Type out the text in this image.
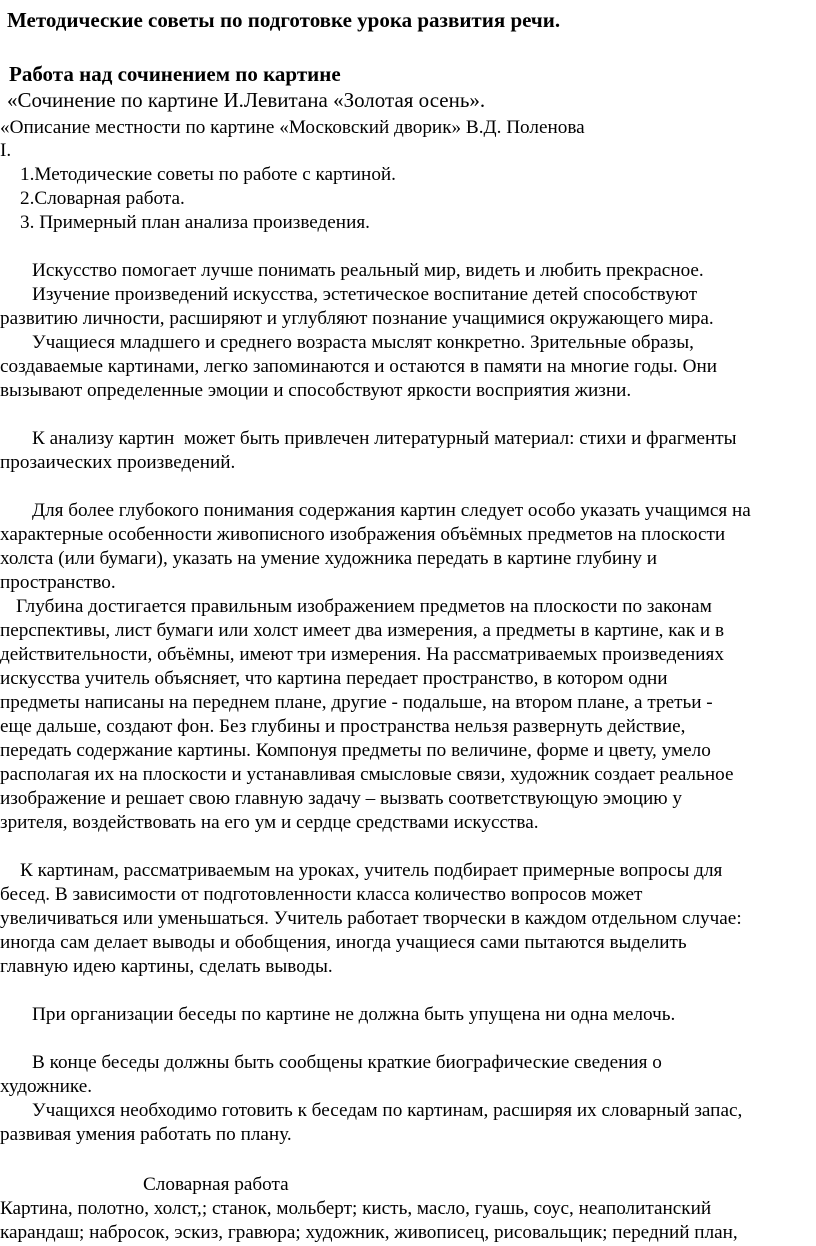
Методические советы по подготовке урока развития речи.
Работа над сочинением по картине
«Сочинение по картине И.Левитана «Золотая осень».
«Описание местности по картине «Московский дворик» В.Д. Поленова
I.
1.Методические советы по работе с картиной.
2.Словарная работа.
3. Примерный план анализа произведения.
Искусство помогает лучше понимать реальный мир, видеть и любить прекрасное.
Изучение произведений искусства, эстетическое воспитание детей способствуют
развитию личности, расширяют и углубляют познание учащимися окружающего мира.
Учащиеся младшего и среднего возраста мыслят конкретно. Зрительные образы,
создаваемые картинами, легко запоминаются и остаются в памяти на многие годы. Они
вызывают определенные эмоции и способствуют яркости восприятия жизни.
К анализу картин  может быть привлечен литературный материал: стихи и фрагменты
прозаических произведений.
Для более глубокого понимания содержания картин следует особо указать учащимся на
характерные особенности живописного изображения объёмных предметов на плоскости
холста (или бумаги), указать на умение художника передать в картине глубину и
пространство.
Глубина достигается правильным изображением предметов на плоскости по законам
перспективы, лист бумаги или холст имеет два измерения, а предметы в картине, как и в
действительности, объёмны, имеют три измерения. На рассматриваемых произведениях
искусства учитель объясняет, что картина передает пространство, в котором одни
предметы написаны на переднем плане, другие - подальше, на втором плане, а третьи -
еще дальше, создают фон. Без глубины и пространства нельзя развернуть действие,
передать содержание картины. Компонуя предметы по величине, форме и цвету, умело
располагая их на плоскости и устанавливая смысловые связи, художник создает реальное
изображение и решает свою главную задачу – вызвать соответствующую эмоцию у
зрителя, воздействовать на его ум и сердце средствами искусства.
К картинам, рассматриваемым на уроках, учитель подбирает примерные вопросы для
бесед. В зависимости от подготовленности класса количество вопросов может
увеличиваться или уменьшаться. Учитель работает творчески в каждом отдельном случае:
иногда сам делает выводы и обобщения, иногда учащиеся сами пытаются выделить
главную идею картины, сделать выводы.
При организации беседы по картине не должна быть упущена ни одна мелочь.
В конце беседы должны быть сообщены краткие биографические сведения о
художнике.
Учащихся необходимо готовить к беседам по картинам, расширяя их словарный запас,
развивая умения работать по плану.
Словарная работа
Картина, полотно, холст,; станок, мольберт; кисть, масло, гуашь, соус, неаполитанский
карандаш; набросок, эскиз, гравюра; художник, живописец, рисовальщик; передний план,
